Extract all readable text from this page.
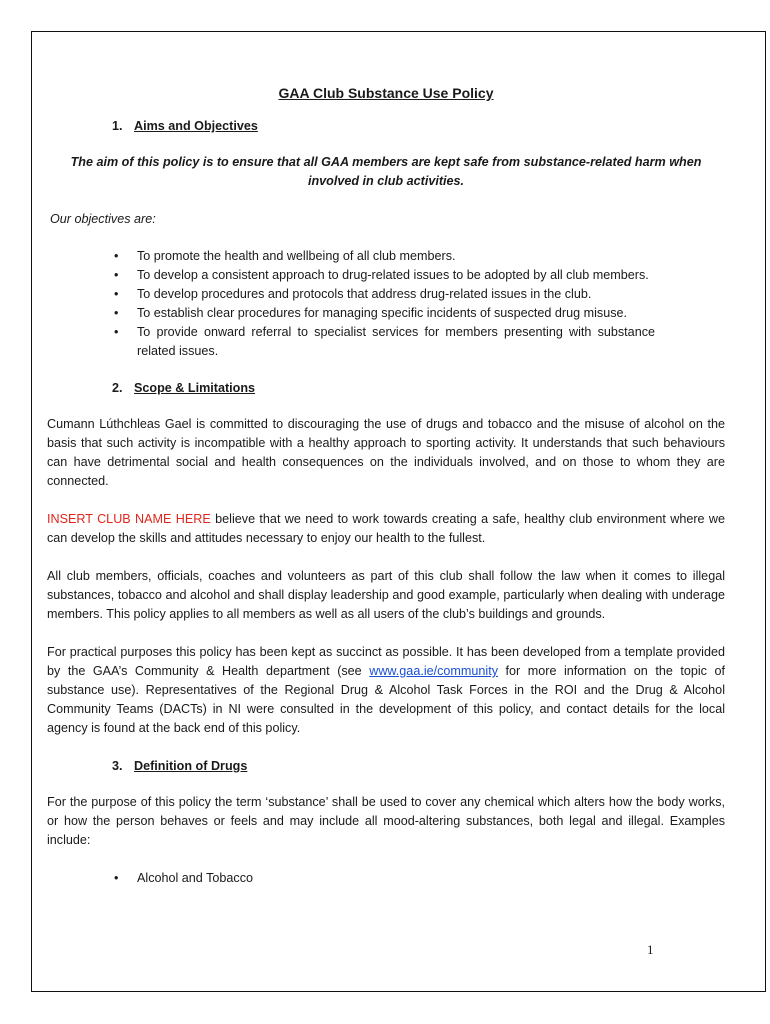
GAA Club Substance Use Policy
1. Aims and Objectives
The aim of this policy is to ensure that all GAA members are kept safe from substance-related harm when involved in club activities.
Our objectives are:
• To promote the health and wellbeing of all club members.
• To develop a consistent approach to drug-related issues to be adopted by all club members.
• To develop procedures and protocols that address drug-related issues in the club.
• To establish clear procedures for managing specific incidents of suspected drug misuse.
• To provide onward referral to specialist services for members presenting with substance related issues.
2. Scope & Limitations

Cumann Lúthchleas Gael is committed to discouraging the use of drugs and tobacco and the misuse of alcohol on the basis that such activity is incompatible with a healthy approach to sporting activity. It understands that such behaviours can have detrimental social and health consequences on the individuals involved, and on those to whom they are connected.

INSERT CLUB NAME HERE believe that we need to work towards creating a safe, healthy club environment where we can develop the skills and attitudes necessary to enjoy our health to the fullest.

All club members, officials, coaches and volunteers as part of this club shall follow the law when it comes to illegal substances, tobacco and alcohol and shall display leadership and good example, particularly when dealing with underage members. This policy applies to all members as well as all users of the club’s buildings and grounds.

For practical purposes this policy has been kept as succinct as possible. It has been developed from a template provided by the GAA’s Community & Health department (see www.gaa.ie/community for more information on the topic of substance use). Representatives of the Regional Drug & Alcohol Task Forces in the ROI and the Drug & Alcohol Community Teams (DACTs) in NI were consulted in the development of this policy, and contact details for the local agency is found at the back end of this policy.

3. Definition of Drugs

For the purpose of this policy the term ‘substance’ shall be used to cover any chemical which alters how the body works, or how the person behaves or feels and may include all mood-altering substances, both legal and illegal. Examples include:

• Alcohol and Tobacco
1
